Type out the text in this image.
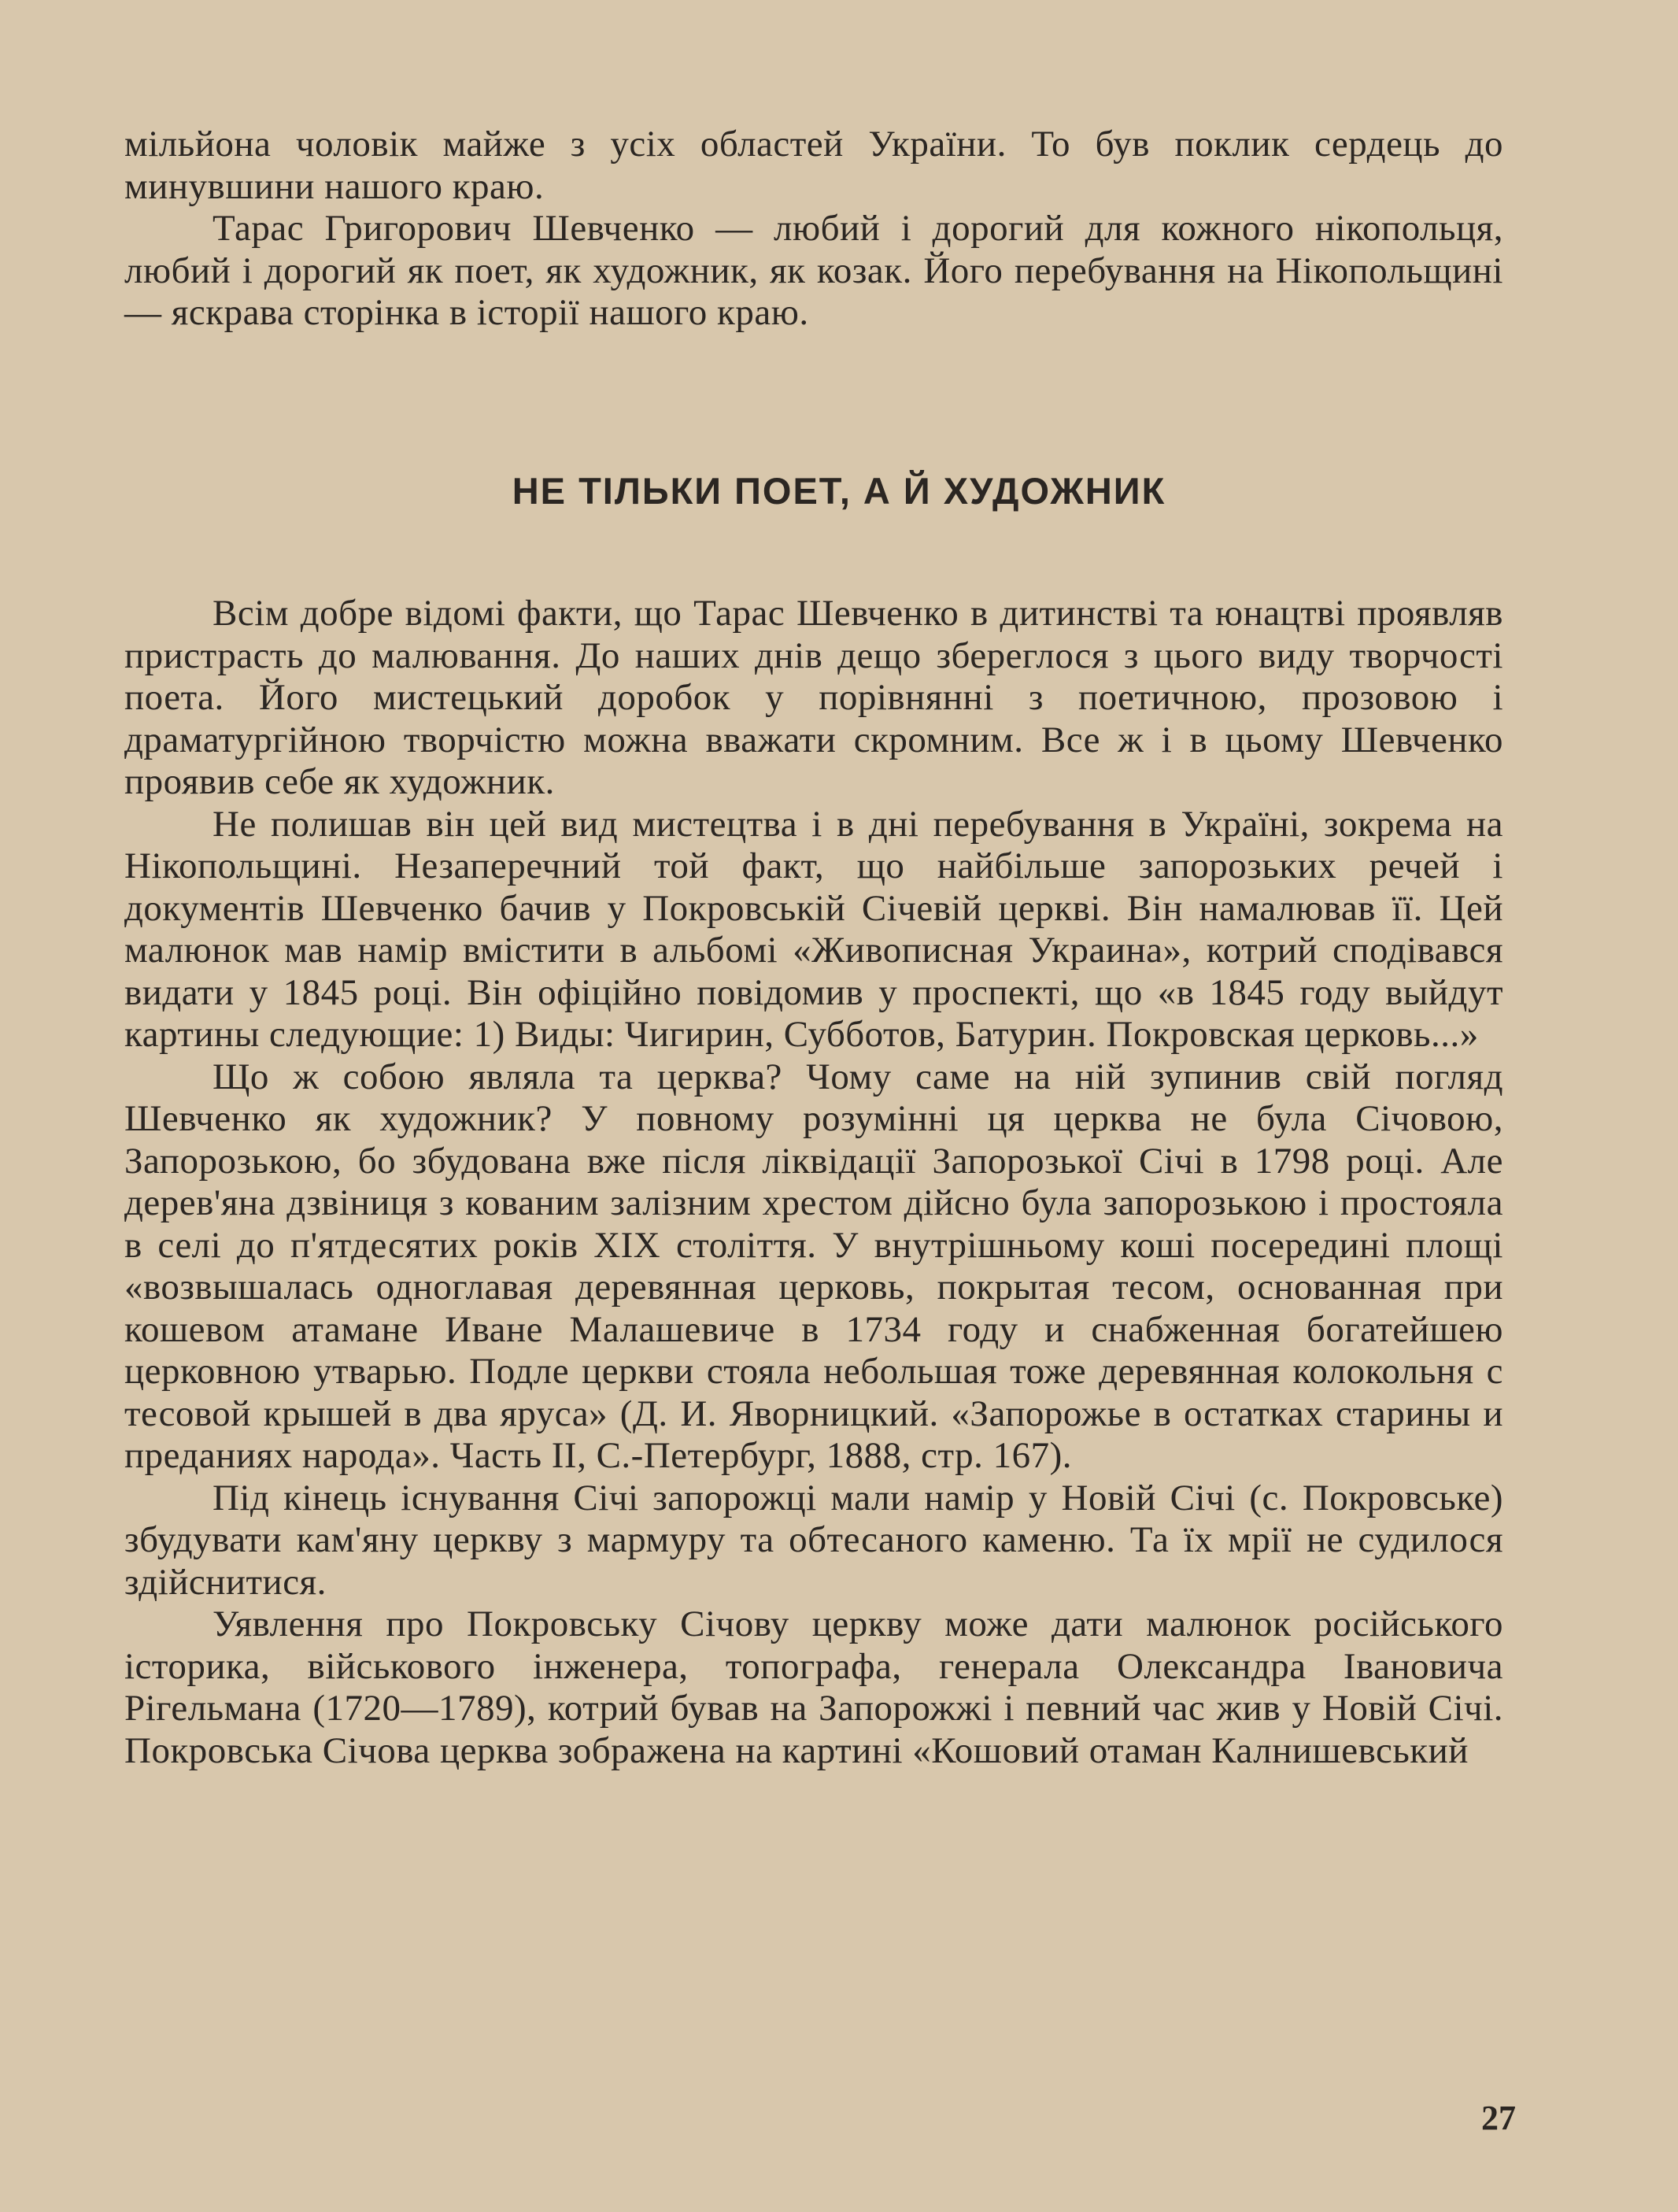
мільйона чоловік майже з усіх областей України. То був поклик сердець до минувшини нашого краю.

Тарас Григорович Шевченко — любий і дорогий для кожного нікопольця, любий і дорогий як поет, як художник, як козак. Його перебування на Нікопольщині — яскрава сторінка в історії нашого краю.

НЕ ТІЛЬКИ ПОЕТ, А Й ХУДОЖНИК

Всім добре відомі факти, що Тарас Шевченко в дитинстві та юнацтві проявляв пристрасть до малювання. До наших днів дещо збереглося з цього виду творчості поета. Його мистецький доробок у порівнянні з поетичною, прозовою і драматургійною творчістю можна вважати скромним. Все ж і в цьому Шевченко проявив себе як художник.

Не полишав він цей вид мистецтва і в дні перебування в Україні, зокрема на Нікопольщині. Незаперечний той факт, що найбільше запорозьких речей і документів Шевченко бачив у Покровській Січевій церкві. Він намалював її. Цей малюнок мав намір вмістити в альбомі «Живописная Украина», котрий сподівався видати у 1845 році. Він офіційно повідомив у проспекті, що «в 1845 году выйдут картины следующие: 1) Виды: Чигирин, Субботов, Батурин. Покровская церковь...»

Що ж собою являла та церква? Чому саме на ній зупинив свій погляд Шевченко як художник? У повному розумінні ця церква не була Січовою, Запорозькою, бо збудована вже після ліквідації Запорозької Січі в 1798 році. Але дерев'яна дзвіниця з кованим залізним хрестом дійсно була запорозькою і простояла в селі до п'ятдесятих років XIX століття. У внутрішньому коші посередині площі «возвышалась одноглавая деревянная церковь, покрытая тесом, основанная при кошевом атамане Иване Малашевиче в 1734 году и снабженная богатейшею церковною утварью. Подле церкви стояла небольшая тоже деревянная колокольня с тесовой крышей в два яруса» (Д. И. Яворницкий. «Запорожье в остатках старины и преданиях народа». Часть II, С.-Петербург, 1888, стр. 167).

Під кінець існування Січі запорожці мали намір у Новій Січі (с. Покровське) збудувати кам'яну церкву з мармуру та обтесаного каменю. Та їх мрії не судилося здійснитися.

Уявлення про Покровську Січову церкву може дати малюнок російського історика, військового інженера, топографа, генерала Олександра Івановича Рігельмана (1720—1789), котрий бував на Запорожжі і певний час жив у Новій Січі. Покровська Січова церква зображена на картині «Кошовий отаман Калнишевський

27
